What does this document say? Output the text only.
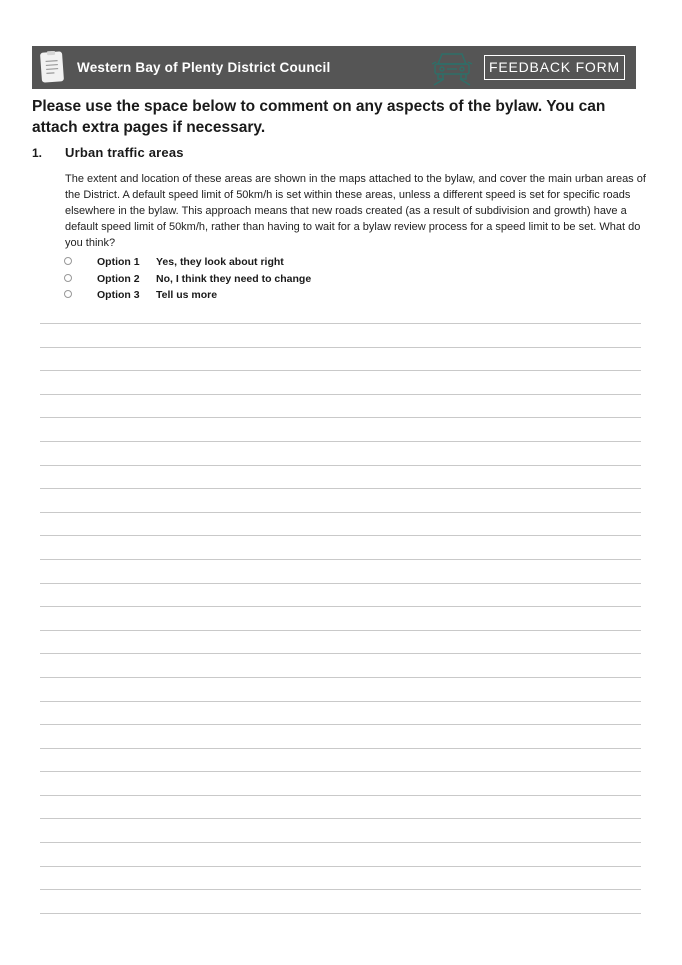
Western Bay of Plenty District Council	FEEDBACK FORM

Please use the space below to comment on any aspects of the bylaw. You can attach extra pages if necessary.

1. Urban traffic areas

The extent and location of these areas are shown in the maps attached to the bylaw, and cover the main urban areas of the District. A default speed limit of 50km/h is set within these areas, unless a different speed is set for specific roads elsewhere in the bylaw. This approach means that new roads created (as a result of subdivision and growth) have a default speed limit of 50km/h, rather than having to wait for a bylaw review process for a speed limit to be set. What do you think?

Option 1 Yes, they look about right
Option 2 No, I think they need to change
Option 3 Tell us more
